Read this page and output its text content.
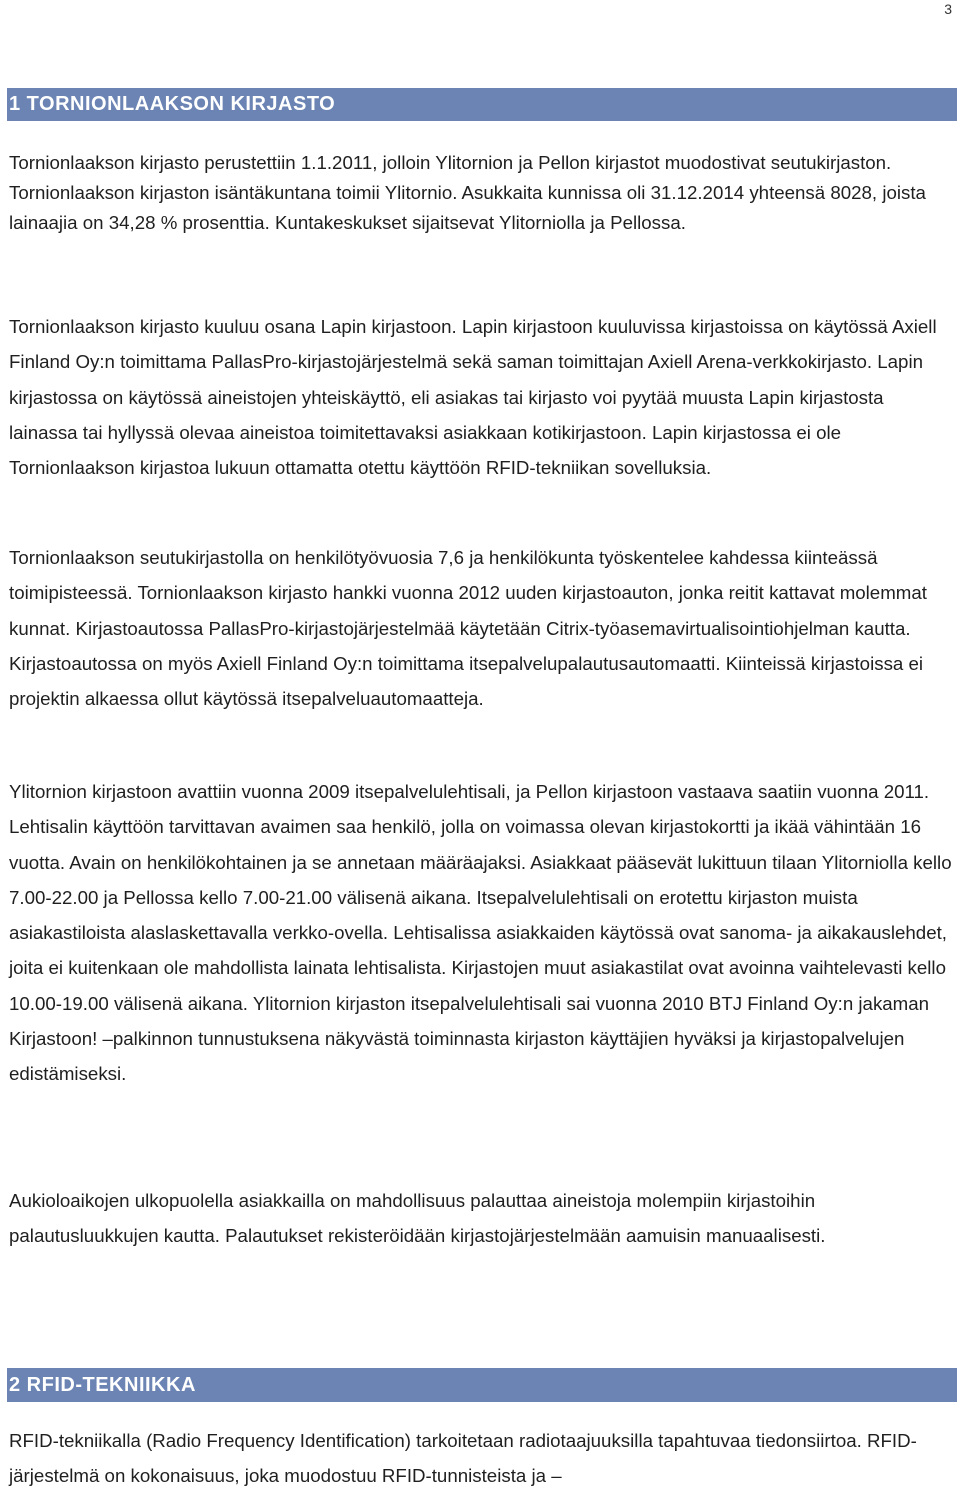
3
1 TORNIONLAAKSON KIRJASTO

Tornionlaakson kirjasto perustettiin 1.1.2011, jolloin Ylitornion ja Pellon kirjastot muodostivat seutukirjaston. Tornionlaakson kirjaston isäntäkuntana toimii Ylitornio. Asukkaita kunnissa oli 31.12.2014 yhteensä 8028, joista lainaajia on 34,28 % prosenttia. Kuntakeskukset sijaitsevat Ylitorniolla ja Pellossa.

Tornionlaakson kirjasto kuuluu osana Lapin kirjastoon. Lapin kirjastoon kuuluvissa kirjastoissa on käytössä Axiell Finland Oy:n toimittama PallasPro-kirjastojärjestelmä sekä saman toimittajan Axiell Arena-verkkokirjasto. Lapin kirjastossa on käytössä aineistojen yhteiskäyttö, eli asiakas tai kirjasto voi pyytää muusta Lapin kirjastosta lainassa tai hyllyssä olevaa aineistoa toimitettavaksi asiakkaan kotikirjastoon. Lapin kirjastossa ei ole Tornionlaakson kirjastoa lukuun ottamatta otettu käyttöön RFID-tekniikan sovelluksia.

Tornionlaakson seutukirjastolla on henkilötyövuosia 7,6 ja henkilökunta työskentelee kahdessa kiinteässä toimipisteessä. Tornionlaakson kirjasto hankki vuonna 2012 uuden kirjastoauton, jonka reitit kattavat molemmat kunnat. Kirjastoautossa PallasPro-kirjastojärjestelmää käytetään Citrix-työasemavirtualisointiohjelman kautta. Kirjastoautossa on myös Axiell Finland Oy:n toimittama itsepalvelupalautusautomaatti. Kiinteissä kirjastoissa ei projektin alkaessa ollut käytössä itsepalveluautomaatteja.

Ylitornion kirjastoon avattiin vuonna 2009 itsepalvelulehtisali, ja Pellon kirjastoon vastaava saatiin vuonna 2011. Lehtisalin käyttöön tarvittavan avaimen saa henkilö, jolla on voimassa olevan kirjastokortti ja ikää vähintään 16 vuotta. Avain on henkilökohtainen ja se annetaan määräajaksi. Asiakkaat pääsevät lukittuun tilaan Ylitorniolla kello 7.00-22.00 ja Pellossa kello 7.00-21.00 välisenä aikana. Itsepalvelulehtisali on erotettu kirjaston muista asiakastiloista alaslaskettavalla verkko-ovella. Lehtisalissa asiakkaiden käytössä ovat sanoma- ja aikakauslehdet, joita ei kuitenkaan ole mahdollista lainata lehtisalista. Kirjastojen muut asiakastilat ovat avoinna vaihtelevasti kello 10.00-19.00 välisenä aikana. Ylitornion kirjaston itsepalvelulehtisali sai vuonna 2010 BTJ Finland Oy:n jakaman Kirjastoon! –palkinnon tunnustuksena näkyvästä toiminnasta kirjaston käyttäjien hyväksi ja kirjastopalvelujen edistämiseksi.

Aukioloaikojen ulkopuolella asiakkailla on mahdollisuus palauttaa aineistoja molempiin kirjastoihin palautusluukkujen kautta. Palautukset rekisteröidään kirjastojärjestelmään aamuisin manuaalisesti.

2 RFID-TEKNIIKKA

RFID-tekniikalla (Radio Frequency Identification) tarkoitetaan radiotaajuuksilla tapahtuvaa tiedonsiirtoa. RFID-järjestelmä on kokonaisuus, joka muodostuu RFID-tunnisteista ja –
